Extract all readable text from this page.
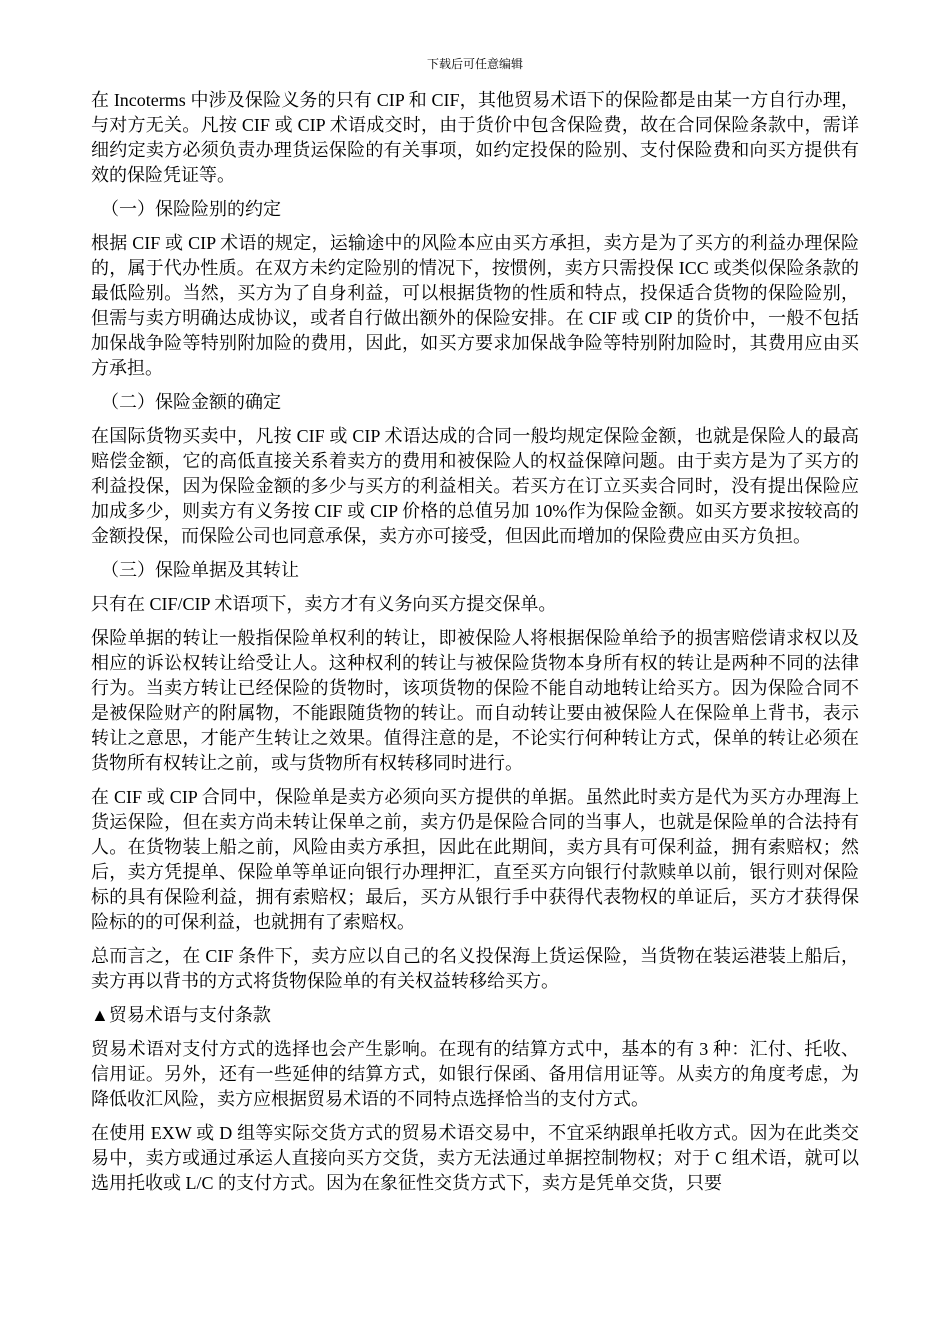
下载后可任意编辑

在 Incoterms 中涉及保险义务的只有 CIP 和 CIF，其他贸易术语下的保险都是由某一方自行办理，与对方无关。凡按 CIF 或 CIP 术语成交时，由于货价中包含保险费，故在合同保险条款中，需详细约定卖方必须负责办理货运保险的有关事项，如约定投保的险别、支付保险费和向买方提供有效的保险凭证等。

（一）保险险别的约定

根据 CIF 或 CIP 术语的规定，运输途中的风险本应由买方承担，卖方是为了买方的利益办理保险的，属于代办性质。在双方未约定险别的情况下，按惯例，卖方只需投保 ICC 或类似保险条款的最低险别。当然，买方为了自身利益，可以根据货物的性质和特点，投保适合货物的保险险别，但需与卖方明确达成协议，或者自行做出额外的保险安排。在 CIF 或 CIP 的货价中，一般不包括加保战争险等特别附加险的费用，因此，如买方要求加保战争险等特别附加险时，其费用应由买方承担。

（二）保险金额的确定

在国际货物买卖中，凡按 CIF 或 CIP 术语达成的合同一般均规定保险金额，也就是保险人的最高赔偿金额，它的高低直接关系着卖方的费用和被保险人的权益保障问题。由于卖方是为了买方的利益投保，因为保险金额的多少与买方的利益相关。若买方在订立买卖合同时，没有提出保险应加成多少，则卖方有义务按 CIF 或 CIP 价格的总值另加 10%作为保险金额。如买方要求按较高的金额投保，而保险公司也同意承保，卖方亦可接受，但因此而增加的保险费应由买方负担。

（三）保险单据及其转让

只有在 CIF/CIP 术语项下，卖方才有义务向买方提交保单。

保险单据的转让一般指保险单权利的转让，即被保险人将根据保险单给予的损害赔偿请求权以及相应的诉讼权转让给受让人。这种权利的转让与被保险货物本身所有权的转让是两种不同的法律行为。当卖方转让已经保险的货物时，该项货物的保险不能自动地转让给买方。因为保险合同不是被保险财产的附属物，不能跟随货物的转让。而自动转让要由被保险人在保险单上背书，表示转让之意思，才能产生转让之效果。值得注意的是，不论实行何种转让方式，保单的转让必须在货物所有权转让之前，或与货物所有权转移同时进行。

在 CIF 或 CIP 合同中，保险单是卖方必须向买方提供的单据。虽然此时卖方是代为买方办理海上货运保险，但在卖方尚未转让保单之前，卖方仍是保险合同的当事人，也就是保险单的合法持有人。在货物装上船之前，风险由卖方承担，因此在此期间，卖方具有可保利益，拥有索赔权；然后，卖方凭提单、保险单等单证向银行办理押汇，直至买方向银行付款赎单以前，银行则对保险标的具有保险利益，拥有索赔权；最后，买方从银行手中获得代表物权的单证后，买方才获得保险标的的可保利益，也就拥有了索赔权。

总而言之，在 CIF 条件下，卖方应以自己的名义投保海上货运保险，当货物在装运港装上船后，卖方再以背书的方式将货物保险单的有关权益转移给买方。

▲贸易术语与支付条款

贸易术语对支付方式的选择也会产生影响。在现有的结算方式中，基本的有 3 种：汇付、托收、信用证。另外，还有一些延伸的结算方式，如银行保函、备用信用证等。从卖方的角度考虑，为降低收汇风险，卖方应根据贸易术语的不同特点选择恰当的支付方式。

在使用 EXW 或 D 组等实际交货方式的贸易术语交易中，不宜采纳跟单托收方式。因为在此类交易中，卖方或通过承运人直接向买方交货，卖方无法通过单据控制物权；对于 C 组术语，就可以选用托收或 L/C 的支付方式。因为在象征性交货方式下，卖方是凭单交货，只要
